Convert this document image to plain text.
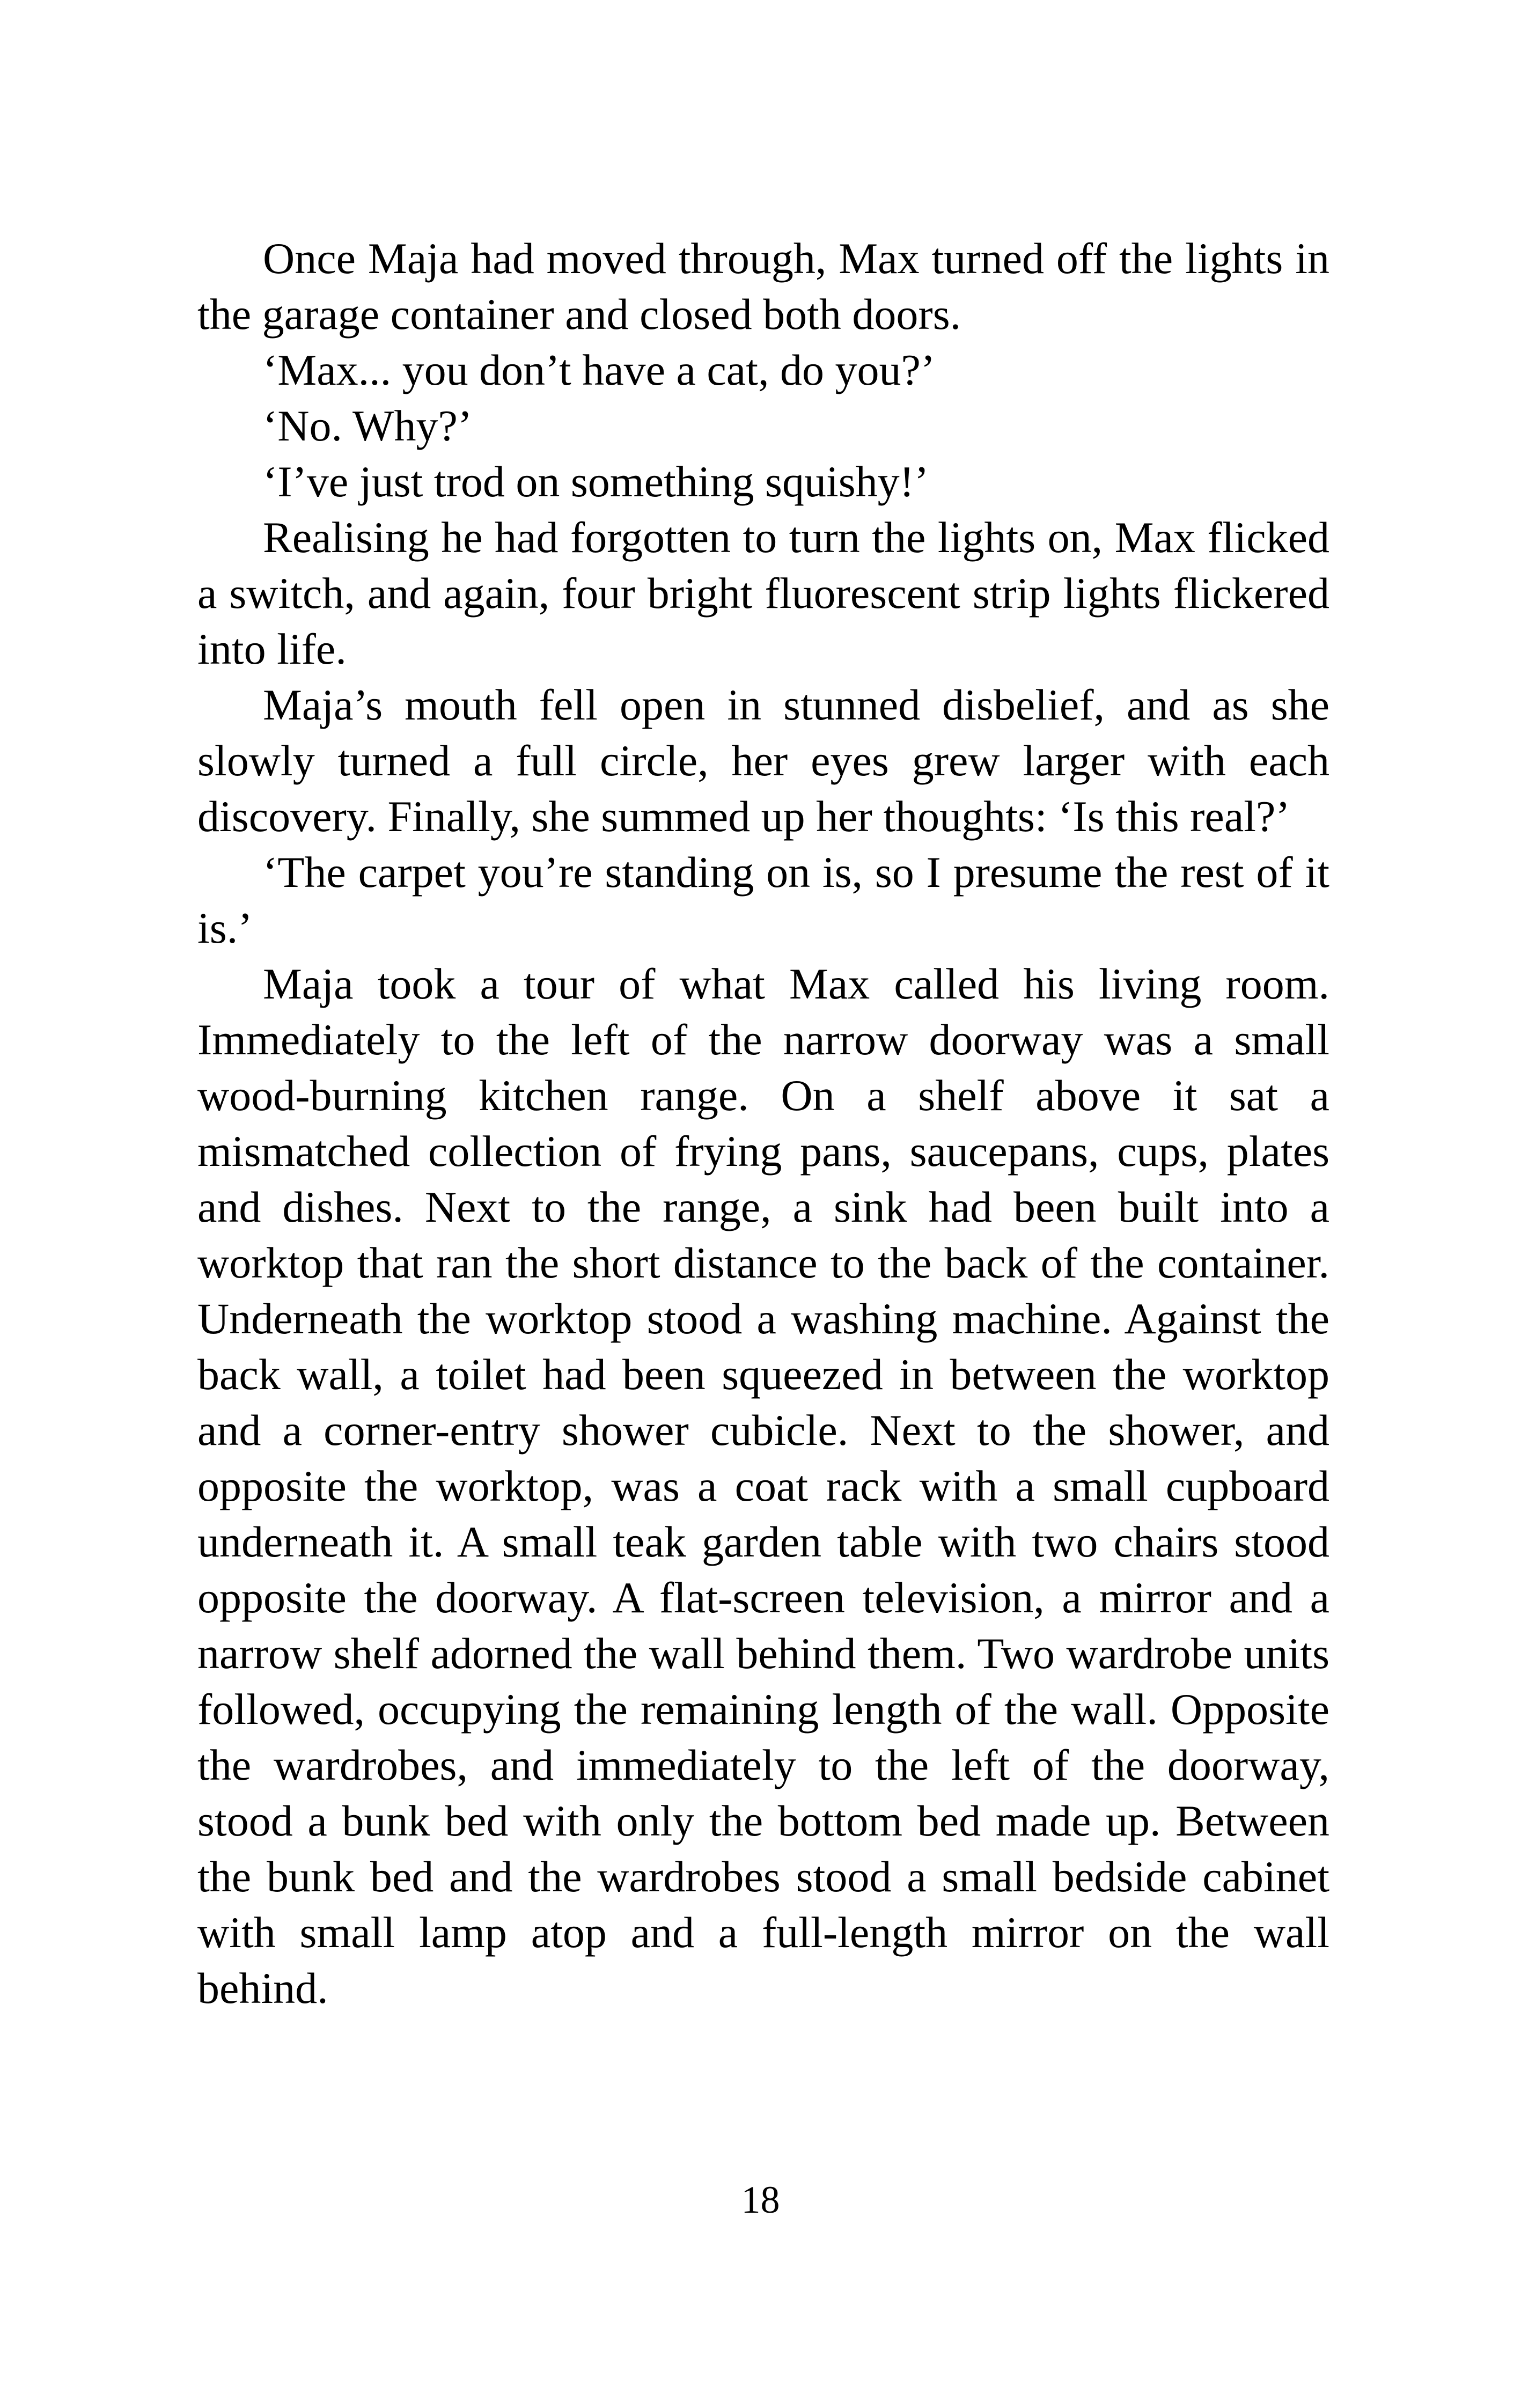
Once Maja had moved through, Max turned off the lights in the garage container and closed both doors.

‘Max... you don’t have a cat, do you?’

‘No. Why?’

‘I’ve just trod on something squishy!’

Realising he had forgotten to turn the lights on, Max flicked a switch, and again, four bright fluorescent strip lights flickered into life.

Maja’s mouth fell open in stunned disbelief, and as she slowly turned a full circle, her eyes grew larger with each discovery. Finally, she summed up her thoughts: ‘Is this real?’

‘The carpet you’re standing on is, so I presume the rest of it is.’

Maja took a tour of what Max called his living room. Immediately to the left of the narrow doorway was a small wood-burning kitchen range. On a shelf above it sat a mismatched collection of frying pans, saucepans, cups, plates and dishes. Next to the range, a sink had been built into a worktop that ran the short distance to the back of the container. Underneath the worktop stood a washing machine. Against the back wall, a toilet had been squeezed in between the worktop and a corner-entry shower cubicle. Next to the shower, and opposite the worktop, was a coat rack with a small cupboard underneath it. A small teak garden table with two chairs stood opposite the doorway. A flat-screen television, a mirror and a narrow shelf adorned the wall behind them. Two wardrobe units followed, occupying the remaining length of the wall. Opposite the wardrobes, and immediately to the left of the doorway, stood a bunk bed with only the bottom bed made up. Between the bunk bed and the wardrobes stood a small bedside cabinet with small lamp atop and a full-length mirror on the wall behind.

18
